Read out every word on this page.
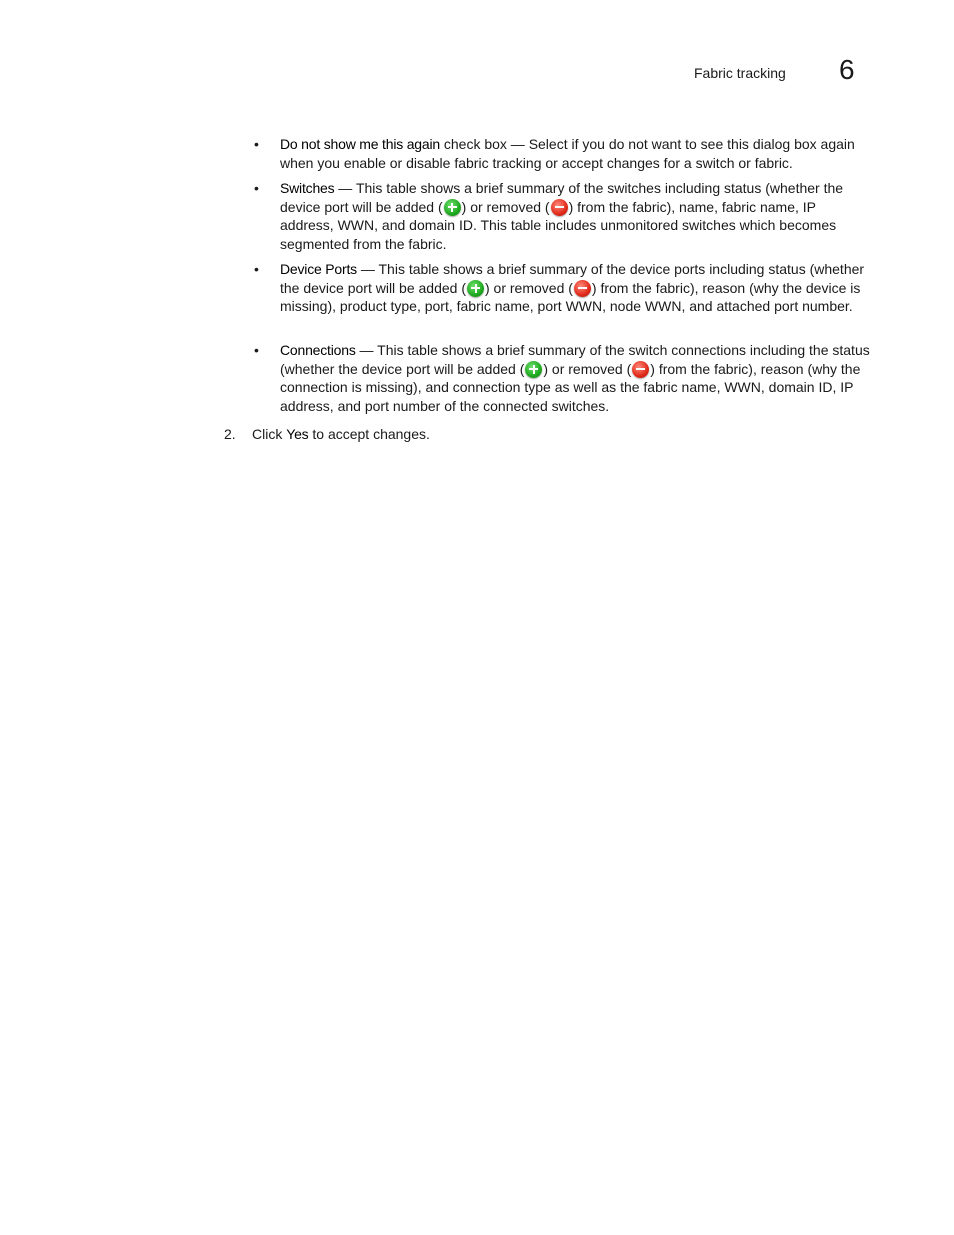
Fabric tracking 6
• Do not show me this again check box — Select if you do not want to see this dialog box again when you enable or disable fabric tracking or accept changes for a switch or fabric.
• Switches — This table shows a brief summary of the switches including status (whether the device port will be added ( ) or removed ( ) from the fabric), name, fabric name, IP address, WWN, and domain ID. This table includes unmonitored switches which becomes segmented from the fabric.
• Device Ports — This table shows a brief summary of the device ports including status (whether the device port will be added ( ) or removed ( ) from the fabric), reason (why the device is missing), product type, port, fabric name, port WWN, node WWN, and attached port number.
• Connections — This table shows a brief summary of the switch connections including the status (whether the device port will be added ( ) or removed ( ) from the fabric), reason (why the connection is missing), and connection type as well as the fabric name, WWN, domain ID, IP address, and port number of the connected switches.
2. Click Yes to accept changes.
